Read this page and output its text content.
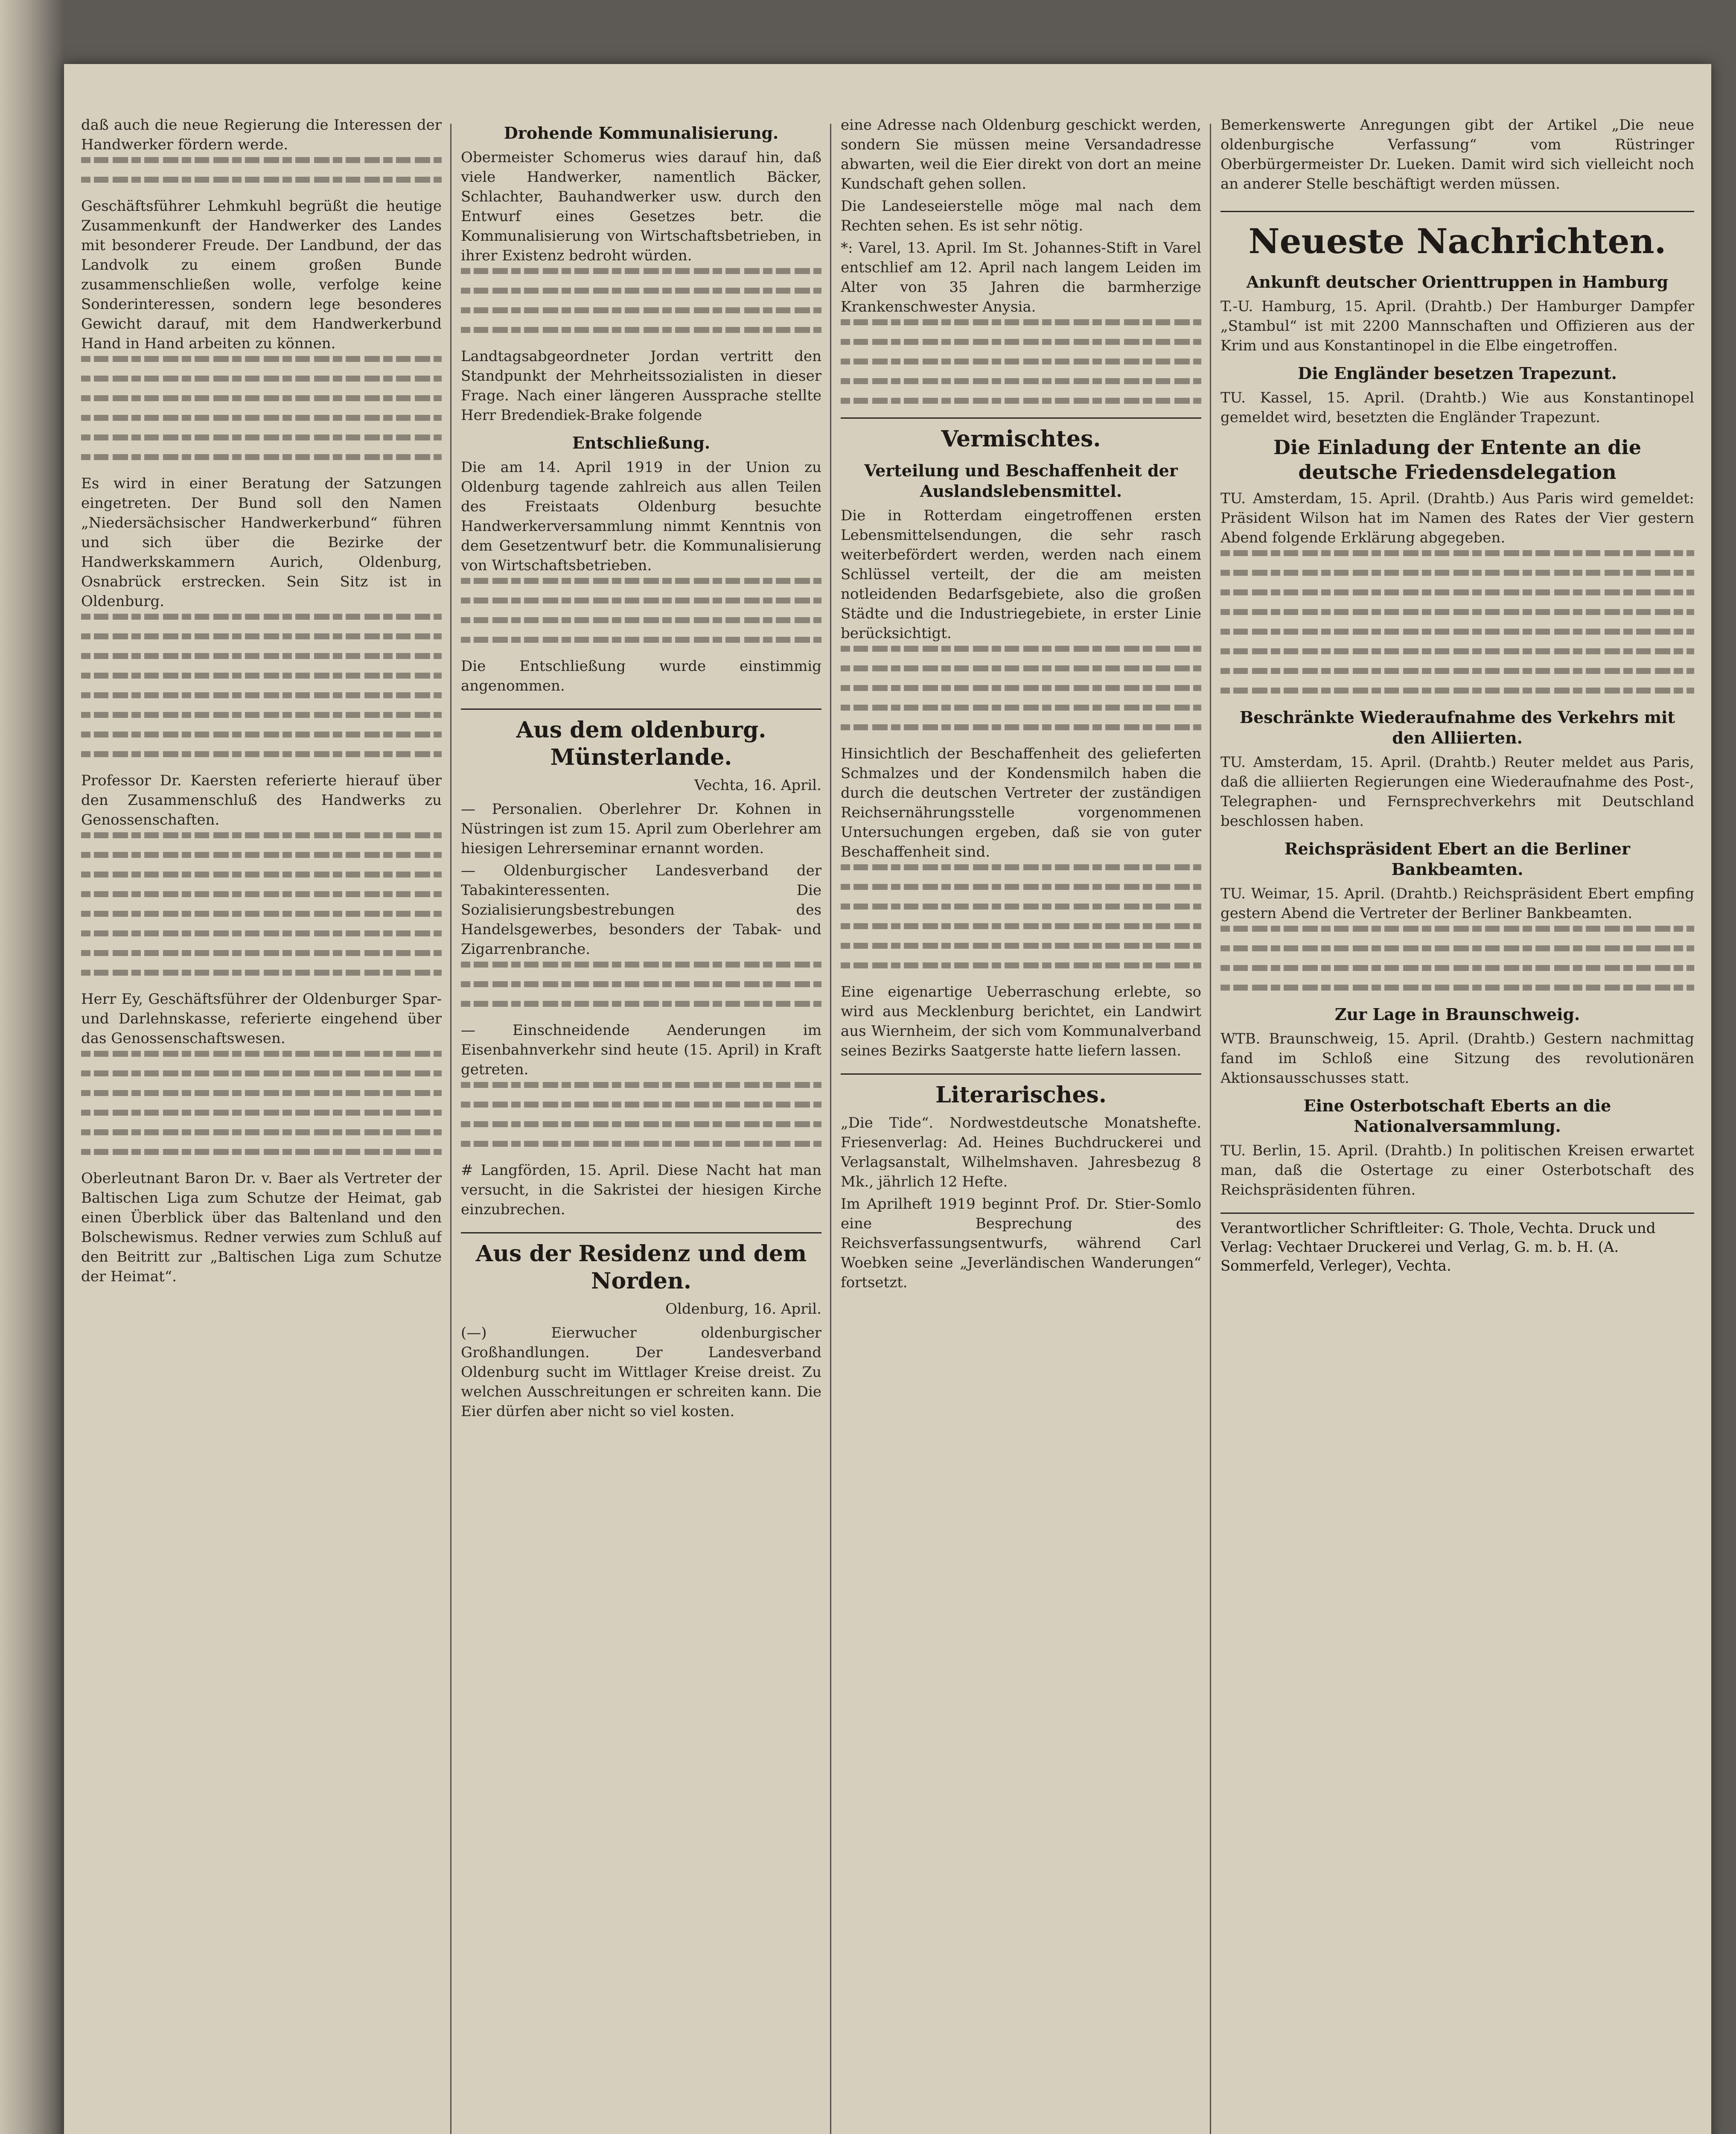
daß auch die neue Regierung die Interessen der Handwerker fördern werde.

Geschäftsführer Lehmkuhl begrüßt die heutige Zusammenkunft der Handwerker des Landes mit besonderer Freude. Der Landbund, der das Landvolk zu einem großen Bunde zusammenschließen wolle, verfolge keine Sonderinteressen, sondern lege besonderes Gewicht darauf, mit dem Handwerkerbund Hand in Hand arbeiten zu können.

Es wird in einer Beratung der Satzungen eingetreten. Der Bund soll den Namen „Niedersächsischer Handwerkerbund“ führen und sich über die Bezirke der Handwerkskammern Aurich, Oldenburg, Osnabrück erstrecken. Sein Sitz ist in Oldenburg.

Professor Dr. Kaersten referierte hierauf über den Zusammenschluß des Handwerks zu Genossenschaften.

Herr Ey, Geschäftsführer der Oldenburger Spar- und Darlehnskasse, referierte eingehend über das Genossenschaftswesen.

Oberleutnant Baron Dr. v. Baer als Vertreter der Baltischen Liga zum Schutze der Heimat, gab einen Überblick über das Baltenland und den Bolschewismus. Redner verwies zum Schluß auf den Beitritt zur „Baltischen Liga zum Schutze der Heimat“.

Drohende Kommunalisierung.

Obermeister Schomerus wies darauf hin, daß viele Handwerker, namentlich Bäcker, Schlachter, Bauhandwerker usw. durch den Entwurf eines Gesetzes betr. die Kommunalisierung von Wirtschaftsbetrieben, in ihrer Existenz bedroht würden.

Landtagsabgeordneter Jordan vertritt den Standpunkt der Mehrheitssozialisten in dieser Frage. Nach einer längeren Aussprache stellte Herr Bredendiek-Brake folgende

Entschließung.

Die am 14. April 1919 in der Union zu Oldenburg tagende zahlreich aus allen Teilen des Freistaats Oldenburg besuchte Handwerkerversammlung nimmt Kenntnis von dem Gesetzentwurf betr. die Kommunalisierung von Wirtschaftsbetrieben.

Die Entschließung wurde einstimmig angenommen.

Aus dem oldenburg. Münsterlande.
Vechta, 16. April.

— Personalien. Oberlehrer Dr. Kohnen in Nüstringen ist zum 15. April zum Oberlehrer am hiesigen Lehrerseminar ernannt worden.

— Oldenburgischer Landesverband der Tabakinteressenten. Die Sozialisierungsbestrebungen des Handelsgewerbes, besonders der Tabak- und Zigarrenbranche.

— Einschneidende Aenderungen im Eisenbahnverkehr sind heute (15. April) in Kraft getreten.

# Langförden, 15. April. Diese Nacht hat man versucht, in die Sakristei der hiesigen Kirche einzubrechen.

Aus der Residenz und dem Norden.
Oldenburg, 16. April.

(—) Eierwucher oldenburgischer Großhandlungen. Der Landesverband Oldenburg sucht im Wittlager Kreise dreist. Zu welchen Ausschreitungen er schreiten kann. Die Eier dürfen aber nicht so viel kosten.

eine Adresse nach Oldenburg geschickt werden, sondern Sie müssen meine Versandadresse abwarten, weil die Eier direkt von dort an meine Kundschaft gehen sollen.

Die Landeseierstelle möge mal nach dem Rechten sehen. Es ist sehr nötig.

*: Varel, 13. April. Im St. Johannes-Stift in Varel entschlief am 12. April nach langem Leiden im Alter von 35 Jahren die barmherzige Krankenschwester Anysia.

Vermischtes.
Verteilung und Beschaffenheit der Auslandslebensmittel.

Die in Rotterdam eingetroffenen ersten Lebensmittelsendungen, die sehr rasch weiterbefördert werden, werden nach einem Schlüssel verteilt, der die am meisten notleidenden Bedarfsgebiete, also die großen Städte und die Industriegebiete, in erster Linie berücksichtigt.

Hinsichtlich der Beschaffenheit des gelieferten Schmalzes und der Kondensmilch haben die durch die deutschen Vertreter der zuständigen Reichsernährungsstelle vorgenommenen Untersuchungen ergeben, daß sie von guter Beschaffenheit sind.

Eine eigenartige Ueberraschung erlebte, so wird aus Mecklenburg berichtet, ein Landwirt aus Wiernheim, der sich vom Kommunalverband seines Bezirks Saatgerste hatte liefern lassen.

Literarisches.

„Die Tide“. Nordwestdeutsche Monatshefte. Friesenverlag: Ad. Heines Buchdruckerei und Verlagsanstalt, Wilhelmshaven. Jahresbezug 8 Mk., jährlich 12 Hefte.

Im Aprilheft 1919 beginnt Prof. Dr. Stier-Somlo eine Besprechung des Reichsverfassungsentwurfs, während Carl Woebken seine „Jeverländischen Wanderungen“ fortsetzt.

Bemerkenswerte Anregungen gibt der Artikel „Die neue oldenburgische Verfassung“ vom Rüstringer Oberbürgermeister Dr. Lueken. Damit wird sich vielleicht noch an anderer Stelle beschäftigt werden müssen.

Neueste Nachrichten.
Ankunft deutscher Orienttruppen in Hamburg

T.-U. Hamburg, 15. April. (Drahtb.) Der Hamburger Dampfer „Stambul“ ist mit 2200 Mannschaften und Offizieren aus der Krim und aus Konstantinopel in die Elbe eingetroffen.

Die Engländer besetzen Trapezunt.

TU. Kassel, 15. April. (Drahtb.) Wie aus Konstantinopel gemeldet wird, besetzten die Engländer Trapezunt.

Die Einladung der Entente an die deutsche Friedensdelegation

TU. Amsterdam, 15. April. (Drahtb.) Aus Paris wird gemeldet: Präsident Wilson hat im Namen des Rates der Vier gestern Abend folgende Erklärung abgegeben.

Beschränkte Wiederaufnahme des Verkehrs mit den Alliierten.

TU. Amsterdam, 15. April. (Drahtb.) Reuter meldet aus Paris, daß die alliierten Regierungen eine Wiederaufnahme des Post-, Telegraphen- und Fernsprechverkehrs mit Deutschland beschlossen haben.

Reichspräsident Ebert an die Berliner Bankbeamten.

TU. Weimar, 15. April. (Drahtb.) Reichspräsident Ebert empfing gestern Abend die Vertreter der Berliner Bankbeamten.

Zur Lage in Braunschweig.

WTB. Braunschweig, 15. April. (Drahtb.) Gestern nachmittag fand im Schloß eine Sitzung des revolutionären Aktionsausschusses statt.

Eine Osterbotschaft Eberts an die Nationalversammlung.

TU. Berlin, 15. April. (Drahtb.) In politischen Kreisen erwartet man, daß die Ostertage zu einer Osterbotschaft des Reichspräsidenten führen.

Verantwortlicher Schriftleiter: G. Thole, Vechta. Druck und Verlag: Vechtaer Druckerei und Verlag, G. m. b. H. (A. Sommerfeld, Verleger), Vechta.
